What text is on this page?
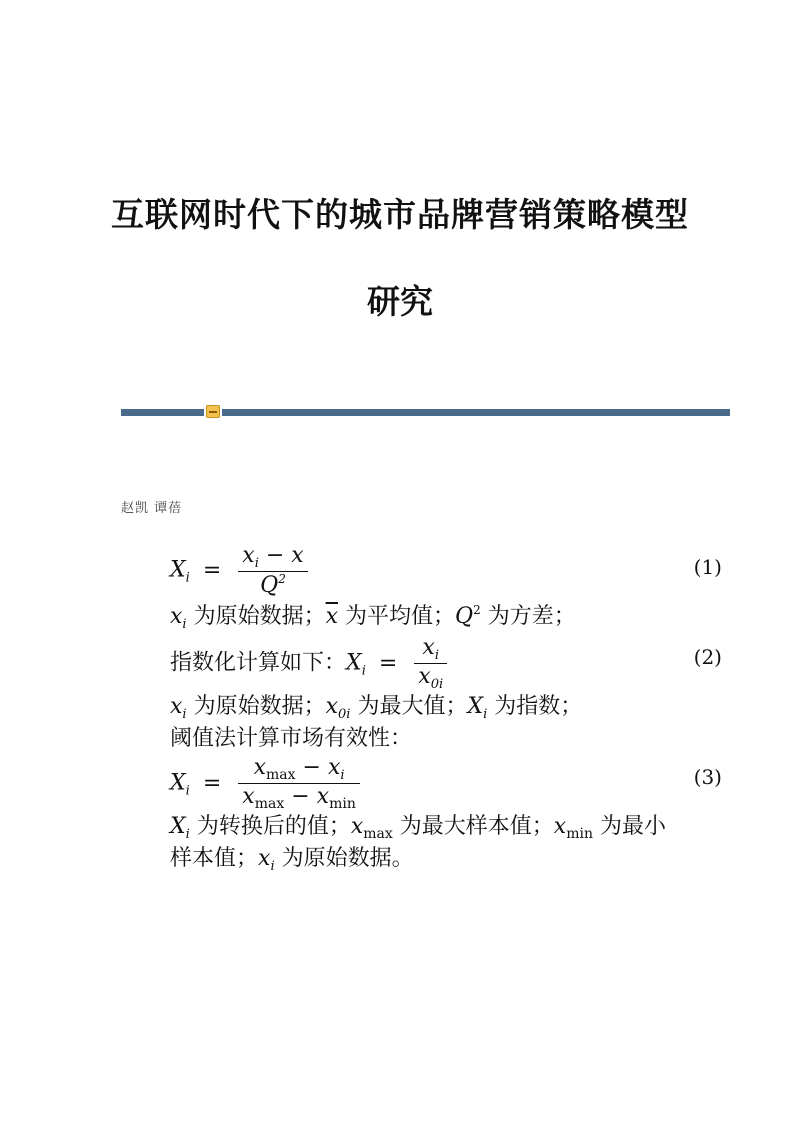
互联网时代下的城市品牌营销策略模型
研究
赵凯 谭蓓
$X_i = \frac{x_i - x}{Q^2}$	(1)
$x_i$ 为原始数据；$\overline{x}$ 为平均值；$Q^2$ 为方差；
指数化计算如下：$X_i = \frac{x_i}{x_{0i}}$	(2)
$x_i$ 为原始数据；$x_{0i}$ 为最大值；$X_i$ 为指数；
阈值法计算市场有效性：
$X_i = \frac{x_{max} - x_i}{x_{max} - x_{min}}$	(3)
$X_i$ 为转换后的值；$x_{max}$ 为最大样本值；$x_{min}$ 为最小
样本值；$x_i$ 为原始数据。
